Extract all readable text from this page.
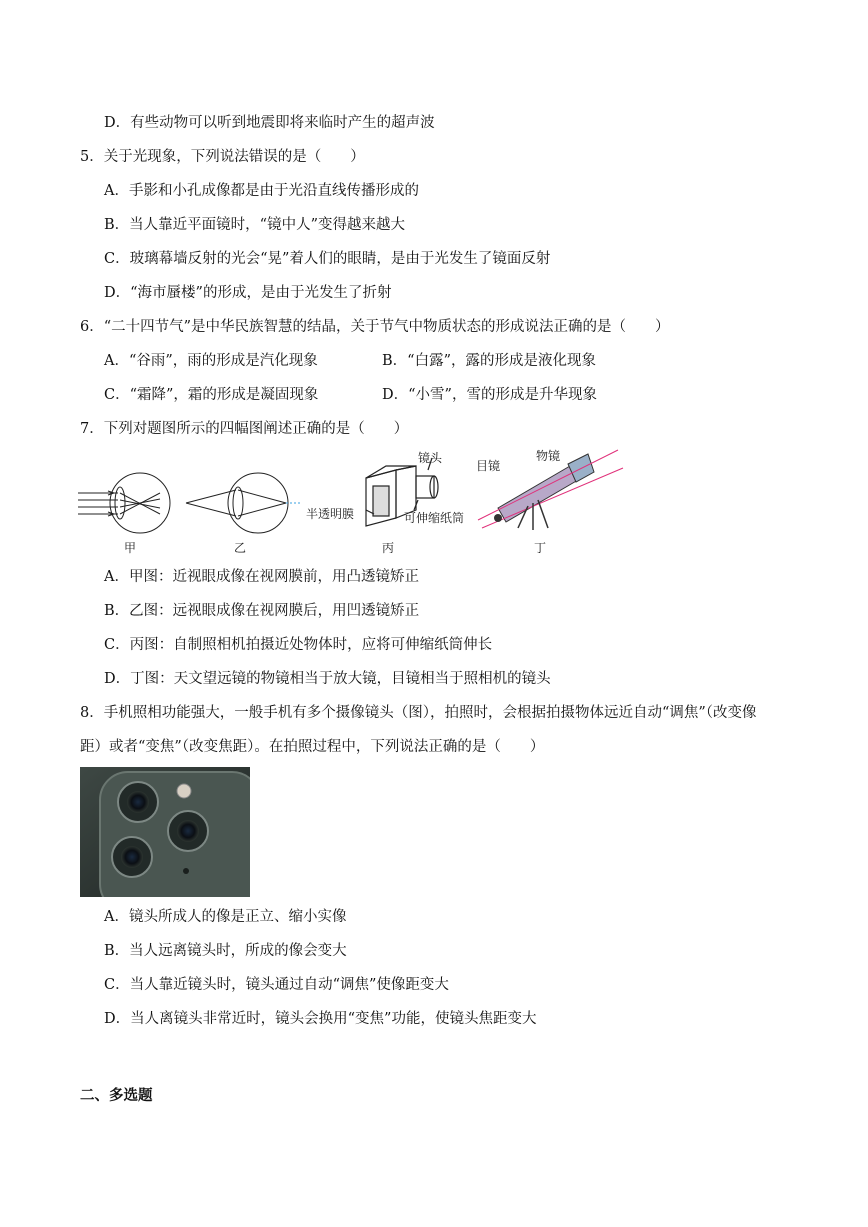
D．有些动物可以听到地震即将来临时产生的超声波
5．关于光现象，下列说法错误的是（　　）
A．手影和小孔成像都是由于光沿直线传播形成的
B．当人靠近平面镜时，“镜中人”变得越来越大
C．玻璃幕墙反射的光会“晃”着人们的眼睛，是由于光发生了镜面反射
D．“海市蜃楼”的形成，是由于光发生了折射
6．“二十四节气”是中华民族智慧的结晶，关于节气中物质状态的形成说法正确的是（　　）
A．“谷雨”，雨的形成是汽化现象	B．“白露”，露的形成是液化现象
C．“霜降”，霜的形成是凝固现象	D．“小雪”，雪的形成是升华现象
7．下列对题图所示的四幅图阐述正确的是（　　）
镜头
半透明膜	可伸缩纸筒
目镜
物镜
甲	乙	丙	丁
A．甲图：近视眼成像在视网膜前，用凸透镜矫正
B．乙图：远视眼成像在视网膜后，用凹透镜矫正
C．丙图：自制照相机拍摄近处物体时，应将可伸缩纸筒伸长
D．丁图：天文望远镜的物镜相当于放大镜，目镜相当于照相机的镜头
8．手机照相功能强大，一般手机有多个摄像镜头（图），拍照时，会根据拍摄物体远近自动“调焦”（改变像
距）或者“变焦”（改变焦距）。在拍照过程中，下列说法正确的是（　　）
A．镜头所成人的像是正立、缩小实像
B．当人远离镜头时，所成的像会变大
C．当人靠近镜头时，镜头通过自动“调焦”使像距变大
D．当人离镜头非常近时，镜头会换用“变焦”功能，使镜头焦距变大
二、多选题
